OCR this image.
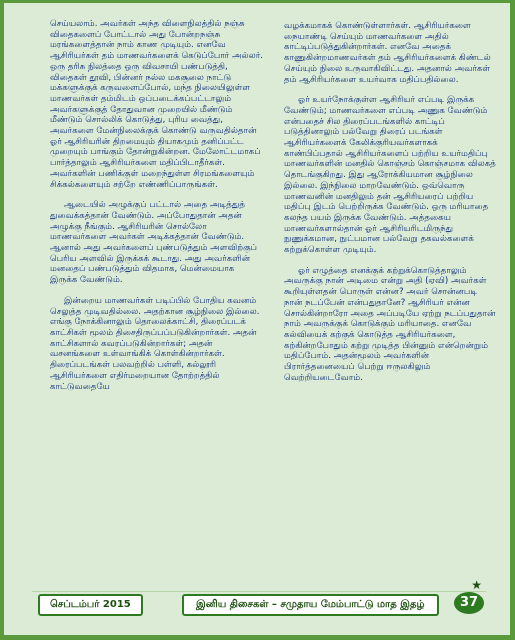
செய்யலாம். அவர்கள் அந்த விளைநிலத்தில் நஞ்சு விதைகளைப் போட்டால் அது போன்றநஞ்சு மரங்களைத்தான் நாம் காண முடியும். எனவே ஆசிரியர்கள் தம் மாணவர்களைக் கெடுப்போர் அல்லர். ஒரு தரிசு நிலத்தை ஒரு விவசாயி பண்படுத்தி, விதைகள் தூவி, பின்னர் நல்ல மகசூலை நாட்டு மக்களுக்குக் கருவளைப்போல், மந்த நிலையிலுள்ள மாணவர்கள் தம்மிடம் ஒப்படைக்கப்பட்டாலும் அவர்களுக்குத் தோதுவான முறையில் மீண்டும் மீண்டும் சொல்லிக் கொடுத்து, புரிய வைத்து, அவர்களை மேன்நிலைக்குக் கொண்டு வருவதில்தான் ஓர் ஆசிரியரின் திறமையும் தியாகமும் தனிப்பட்ட முறையும் பாங்கும் தோன்றுகின்றன. மேலோட்டமாகப் பார்த்தாலும் ஆசிரியர்களை மதிப்பிடாதீர்கள். அவர்களின் பணிக்குள் மறைந்துள்ள சிரமங்களையும் சிக்கல்களையும் சற்றே எண்ணிப்பாருங்கள்.

ஆடையில் அழுக்குப் பட்டால் அதை அடித்துத் துவைக்கத்தான் வேண்டும். அப்போதுதான் அதன் அழுக்கு நீங்கும். ஆசிரியரின் சொல்லோ மாணவர்களை அவர்கள் அடிக்கத்தான் வேண்டும். ஆனால் அது அவர்களைப் புண்படுத்தும் அளவிற்குப் பெரிய அளவில் இருக்கக் கூடாது. அது அவர்களின் மனதைப் பண்படுத்தும் விதமாக, மென்மையாக இருக்க வேண்டும்.

இன்றைய மாணவர்கள் படிப்பில் போதிய கவனம் செலுத்த முடிவதில்லை. அதற்கான சூழ்நிலை இல்லை. எங்கு நோக்கினாலும் தொலைக்காட்சி, திரைப்படக் காட்சிகள் மூலம் திசைதிருப்பப்படுகின்றார்கள். அதன் காட்சிகளால் கவரப்படுகின்றார்கள்; அதன் வசனங்களை உள்வாங்கிக் கொள்கின்றார்கள். திரைப்படங்கள் பலவற்றில் பள்ளி, கல்லூரி ஆசிரியர்களை எதிர்மறையான தோற்றத்தில் காட்டுவதையே

வழக்கமாகக் கொண்டுள்ளார்கள். ஆசிரியர்களை நையாண்டி செய்யும் மாணவர்களை அதில் காட்டிப்படுத்துகின்றார்கள். எனவே அதைக் காணுகின்றமாணவர்கள் தம் ஆசிரியர்களைக் கிண்டல் செய்யும் நிலை உருவாகிவிட்டது. அதனால் அவர்கள் தம் ஆசிரியர்களை உயர்வாக மதிப்பதில்லை.

ஓர் உயர்நோக்குள்ள ஆசிரியர் எப்படி இருக்க வேண்டும்; மாணவர்களை எப்படி அணுக வேண்டும் என்பதைச் சில திரைப்படங்களில் காட்டிப் படுத்தினாலும் பல்வேறு திரைப் படங்கள் ஆசிரியர்களைக் கேலிக்குரியவர்களாகக் காண்பிப்பதால் ஆசிரியர்களைப் பற்றிய உயர்மதிப்பு மாணவர்களின் மனதில் கொஞ்சம் கொஞ்சமாக விலகத் தொடங்குகிறது. இது ஆரோக்கியமான சூழ்நிலை இல்லை. இந்நிலை மாறவேண்டும். ஒவ்வொரு மாணவனின் மனதிலும் தன் ஆசிரியரைப் பற்றிய மதிப்பு இடம் பெற்றிருக்க வேண்டும். ஒரு மரியாதை கலந்த பயம் இருக்க வேண்டும். அத்தகைய மாணவர்களால்தான் ஓர் ஆசிரியரிடமிருந்து நுணுக்கமான, நுட்பமான பல்வேறு தகவல்களைக் கற்றுக்கொள்ள முடியும்.

ஓர் எழுத்தை எனக்குக் கற்றுக்கொடுத்தாலும் அவருக்கு நான் அடிமை என்று அதி (ஏவி) அவர்கள் கூறியுள்ளதன் பொருள் என்ன? அவர் சொன்னபடி நான் நடப்பேன் என்பதுதானே? ஆசிரியர் என்ன சொல்கின்றாரோ அதை அப்படியே ஏற்று நடப்பதுதான் நாம் அவருக்குக் கொடுக்கும் மரியாதை. எனவே கல்வியைக் கற்குக் கொடுத்த ஆசிரியர்களை, கற்கின்றபோதும் கற்று முடித்த பின்னும் என்றென்றும் மதிப்போம். அதன்மூலம் அவர்களின் பிரார்த்தனையைப் பெற்று ஈருலகிலும் வெற்றியடைவோம்.

செப்டம்பர் 2015	இனிய திசைகள் – சமுதாய மேம்பாட்டு மாத இதழ்
★
37
